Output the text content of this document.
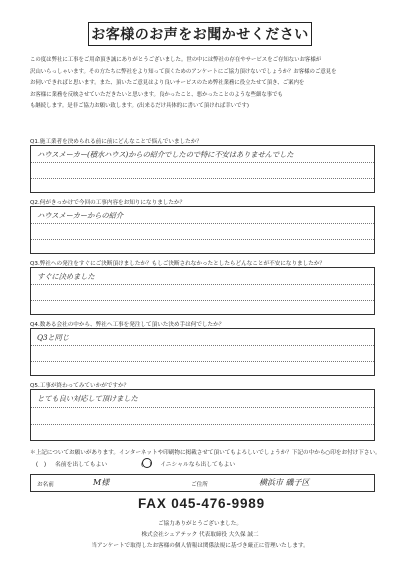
お客様のお声をお聞かせください
この度は弊社に工事をご用命頂き誠にありがとうございました。世の中には弊社の存在やサービスをご存知ないお客様が
沢山いらっしゃいます。その方たちに弊社をより知って頂くためのアンケートにご協力頂けないでしょうか？お客様のご意見を
お伺いできればと思います。また、頂いたご意見はより良いサービスのため弊社業務に役立たせて頂き、ご案内を
お客様に業務を反映させていただきたいと思います。良かったこと、悪かったことのような些細な事でも
も継続します。是非ご協力お願い致します。(出来るだけ具体的に書いて頂ければ幸いです)
Q1.施工業者を決められる前に前にどんなことで悩んでいましたか？
ハウスメーカー(積水ハウス)からの紹介でしたので特に不安はありませんでした
Q2.何がきっかけで今回の工事内容をお知りになりましたか？
ハウスメーカーからの紹介
Q3.弊社への発注をすぐにご決断頂けましたか？もしご決断されなかったとしたらどんなことが不安になりましたか？
すぐに決めました
Q4.数ある会社の中から、弊社へ工事を発注して頂いた決め手は何でしたか？
Q3と同じ
Q5.工事が終わってみていかがですか？
とても良い対応して頂けました
＊上記についてお願いがあります。インターネットや印刷物に掲載させて頂いてもよろしいでしょうか？下記の中から○印をお付け下さい。
(　)	名前を出してもよい	(　)	イニシャルなら出してもよい
お名前	M様	ご住所	横浜市 磯子区
FAX 045-476-9989
ご協力ありがとうございました。
株式会社シェアテック 代表取締役 大久保 誠二
当アンケートで取得したお客様の個人情報は関係法規に基づき厳正に管理いたします。
